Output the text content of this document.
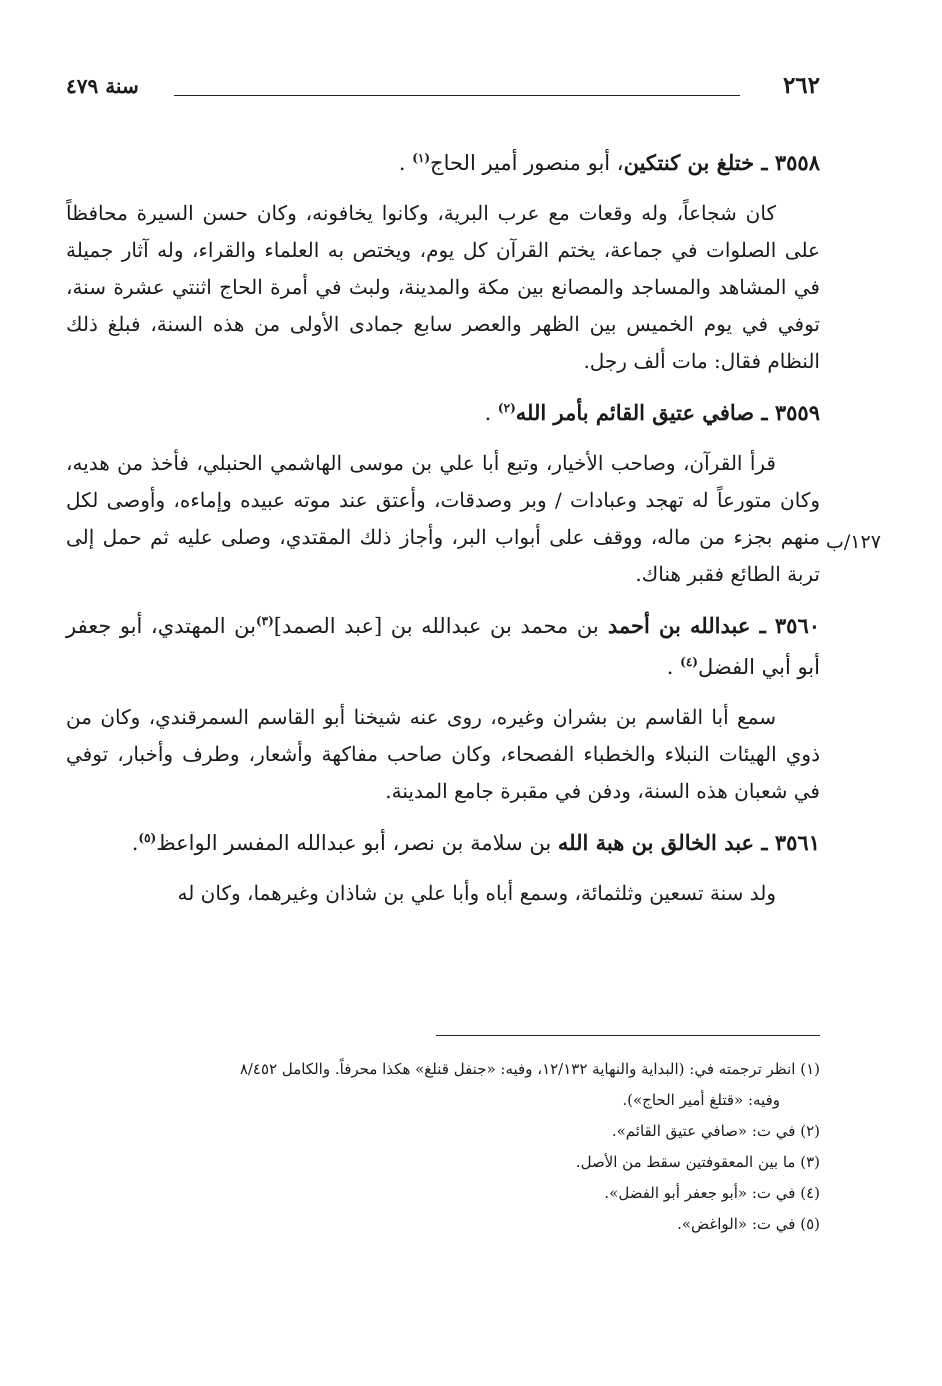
٢٦٢
سنة ٤٧٩
١٢٧/ب
٣٥٥٨ ـ ختلغ بن كنتكين، أبو منصور أمير الحاج$^{(١)}$ .

كان شجاعاً، وله وقعات مع عرب البرية، وكانوا يخافونه، وكان حسن السيرة محافظاً على الصلوات في جماعة، يختم القرآن كل يوم، ويختص به العلماء والقراء، وله آثار جميلة في المشاهد والمساجد والمصانع بين مكة والمدينة، ولبث في أمرة الحاج اثنتي عشرة سنة، توفي في يوم الخميس بين الظهر والعصر سابع جمادى الأولى من هذه السنة، فبلغ ذلك النظام فقال: مات ألف رجل.

٣٥٥٩ ـ صافي عتيق القائم بأمر الله$^{(٢)}$ .

قرأ القرآن، وصاحب الأخيار، وتبع أبا علي بن موسى الهاشمي الحنبلي، فأخذ من هديه، وكان متورعاً له تهجد وعبادات / وبر وصدقات، وأعتق عند موته عبيده وإماءه، وأوصى لكل منهم بجزء من ماله، ووقف على أبواب البر، وأجاز ذلك المقتدي، وصلى عليه ثم حمل إلى تربة الطائع فقبر هناك.

٣٥٦٠ ـ عبدالله بن أحمد بن محمد بن عبدالله بن [عبد الصمد]$^{(٣)}$بن المهتدي، أبو جعفر أبو أبي الفضل$^{(٤)}$ .

سمع أبا القاسم بن بشران وغيره، روى عنه شيخنا أبو القاسم السمرقندي، وكان من ذوي الهيئات النبلاء والخطباء الفصحاء، وكان صاحب مفاكهة وأشعار، وطرف وأخبار، توفي في شعبان هذه السنة، ودفن في مقبرة جامع المدينة.

٣٥٦١ ـ عبد الخالق بن هبة الله بن سلامة بن نصر، أبو عبدالله المفسر الواعظ$^{(٥)}$.

ولد سنة تسعين وثلثمائة، وسمع أباه وأبا علي بن شاذان وغيرهما، وكان له

(١) انظر ترجمته في: (البداية والنهاية ١٢/١٣٢، وفيه: «جنفل قنلغ» هكذا محرفاً. والكامل ٨/٤٥٢

وفيه: «قتلغ أمير الحاج»).

(٢) في ت: «صافي عتيق القائم».

(٣) ما بين المعقوفتين سقط من الأصل.

(٤) في ت: «أبو جعفر أبو الفضل».

(٥) في ت: «الواغض».
